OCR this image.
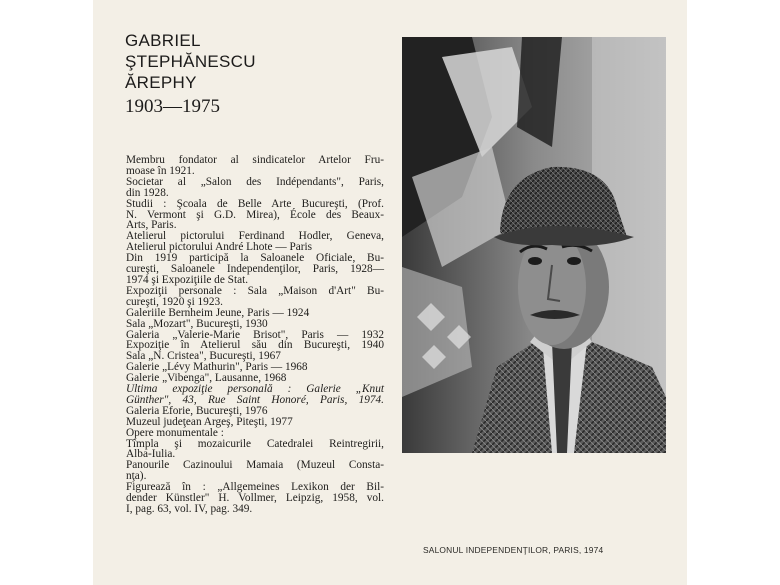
GABRIEL
ŞTEPHĂNESCU
ĂREPHY
1903—1975
Membru fondator al sindicatelor Artelor Fru-
moase în 1921.
Societar al „Salon des Indépendants", Paris,
din 1928.
Studii : Şcoala de Belle Arte Bucureşti, (Prof.
N. Vermont şi G.D. Mirea), École des Beaux-
Arts, Paris.
Atelierul pictorului Ferdinand Hodler, Geneva,
Atelierul pictorului André Lhote — Paris
Din 1919 participă la Saloanele Oficiale, Bu-
cureşti, Saloanele Independenţilor, Paris, 1928—
1974 şi Expoziţiile de Stat.
Expoziţii personale : Sala „Maison d'Art" Bu-
cureşti, 1920 şi 1923.
Galeriile Bernheim Jeune, Paris — 1924
Sala „Mozart", Bucureşti, 1930
Galeria „Valerie-Marie Brisot", Paris — 1932
Expoziţie în Atelierul său din Bucureşti, 1940
Sala „N. Cristea", Bucureşti, 1967
Galerie „Lévy Mathurin", Paris — 1968
Galerie „Vibenga", Lausanne, 1968
Ultima expoziţie personală : Galerie „Knut
Günther", 43, Rue Saint Honoré, Paris, 1974.
Galeria Eforie, Bucureşti, 1976
Muzeul judeţean Argeş, Piteşti, 1977
Opere monumentale :
Tîmpla şi mozaicurile Catedralei Reintregirii,
Alba-Iulia.
Panourile Cazinoului Mamaia (Muzeul Consta-
nţa).
Figurează în : „Allgemeines Lexikon der Bil-
dender Künstler" H. Vollmer, Leipzig, 1958, vol.
I, pag. 63, vol. IV, pag. 349.
SALONUL INDEPENDENŢILOR, PARIS, 1974
